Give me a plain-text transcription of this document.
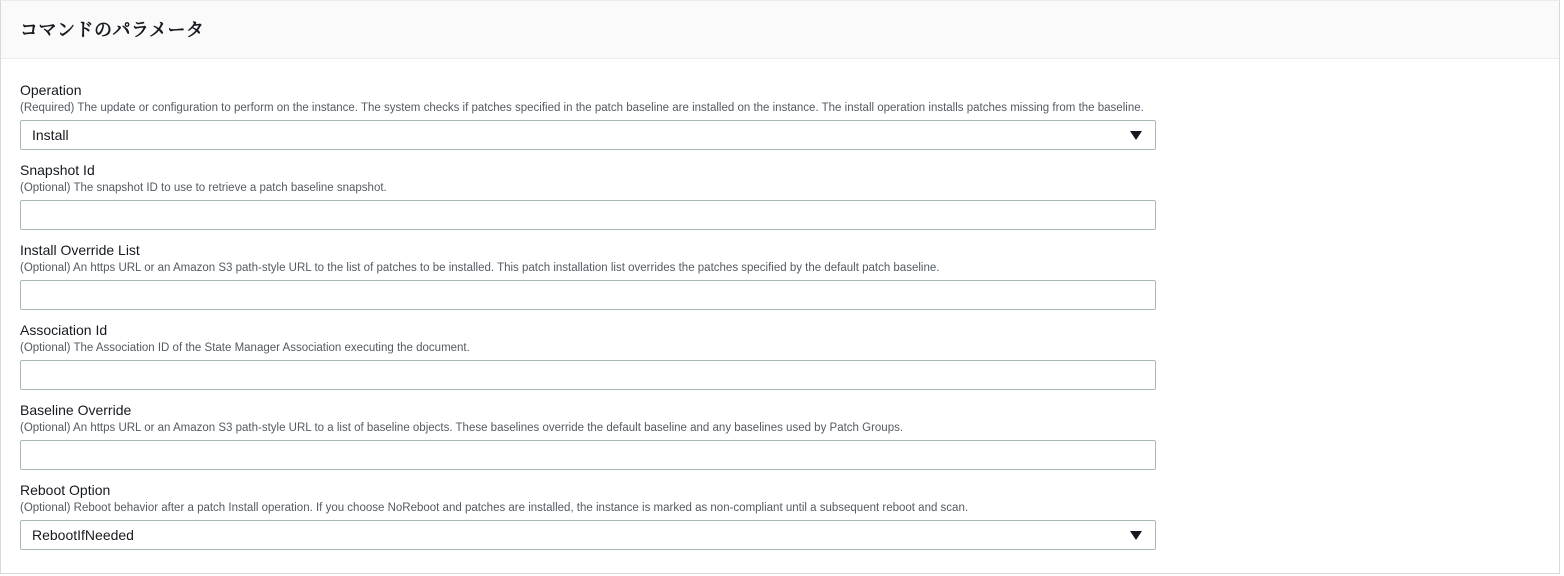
コマンドのパラメータ
Operation
(Required) The update or configuration to perform on the instance. The system checks if patches specified in the patch baseline are installed on the instance. The install operation installs patches missing from the baseline.
Install
Snapshot Id
(Optional) The snapshot ID to use to retrieve a patch baseline snapshot.
Install Override List
(Optional) An https URL or an Amazon S3 path-style URL to the list of patches to be installed. This patch installation list overrides the patches specified by the default patch baseline.
Association Id
(Optional) The Association ID of the State Manager Association executing the document.
Baseline Override
(Optional) An https URL or an Amazon S3 path-style URL to a list of baseline objects. These baselines override the default baseline and any baselines used by Patch Groups.
Reboot Option
(Optional) Reboot behavior after a patch Install operation. If you choose NoReboot and patches are installed, the instance is marked as non-compliant until a subsequent reboot and scan.
RebootIfNeeded
